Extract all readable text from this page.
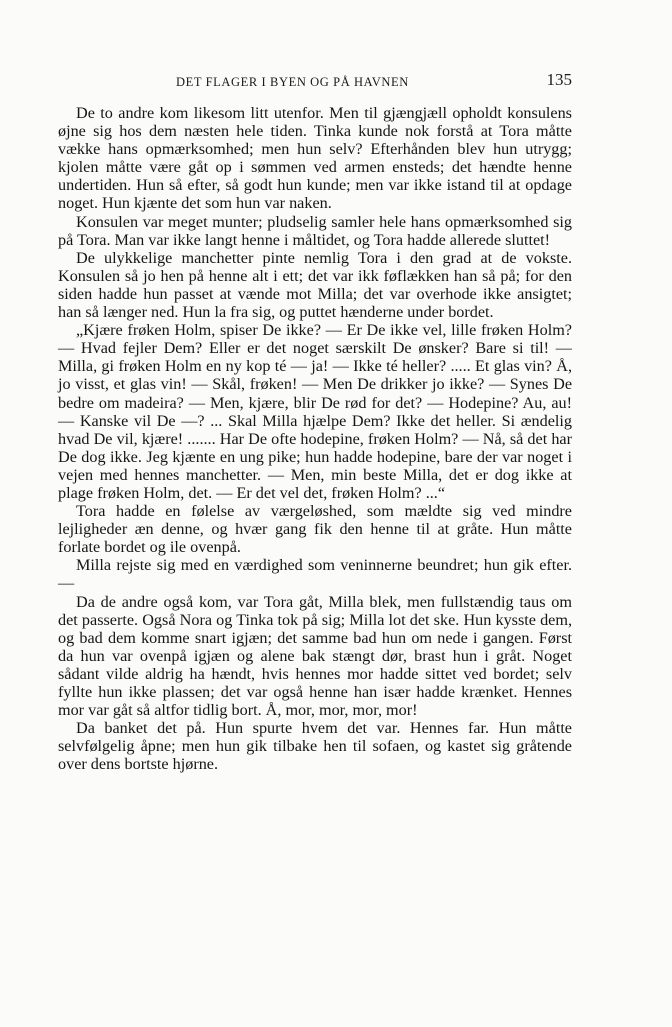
DET FLAGER I BYEN OG PÅ HAVNEN	135

De to andre kom likesom litt utenfor. Men til gjængjæll opholdt konsulens øjne sig hos dem næsten hele tiden. Tinka kunde nok forstå at Tora måtte vække hans opmærksomhed; men hun selv? Efterhånden blev hun utrygg; kjolen måtte være gåt op i sømmen ved armen ensteds; det hændte henne undertiden. Hun så efter, så godt hun kunde; men var ikke istand til at opdage noget. Hun kjænte det som hun var naken.

Konsulen var meget munter; pludselig samler hele hans opmærksomhed sig på Tora. Man var ikke langt henne i måltidet, og Tora hadde allerede sluttet!

De ulykkelige manchetter pinte nemlig Tora i den grad at de vokste. Konsulen så jo hen på henne alt i ett; det var ikk føflækken han så på; for den siden hadde hun passet at vænde mot Milla; det var overhode ikke ansigtet; han så længer ned. Hun la fra sig, og puttet hænderne under bordet.

„Kjære frøken Holm, spiser De ikke? — Er De ikke vel, lille frøken Holm? — Hvad fejler Dem? Eller er det noget særskilt De ønsker? Bare si til! — Milla, gi frøken Holm en ny kop té — ja! — Ikke té heller? ..... Et glas vin? Å, jo visst, et glas vin! — Skål, frøken! — Men De drikker jo ikke? — Synes De bedre om madeira? — Men, kjære, blir De rød for det? — Hodepine? Au, au! — Kanske vil De —? ... Skal Milla hjælpe Dem? Ikke det heller. Si ændelig hvad De vil, kjære! ....... Har De ofte hodepine, frøken Holm? — Nå, så det har De dog ikke. Jeg kjænte en ung pike; hun hadde hodepine, bare der var noget i vejen med hennes manchetter. — Men, min beste Milla, det er dog ikke at plage frøken Holm, det. — Er det vel det, frøken Holm? ...“

Tora hadde en følelse av værgeløshed, som mældte sig ved mindre lejligheder æn denne, og hvær gang fik den henne til at gråte. Hun måtte forlate bordet og ile ovenpå.

Milla rejste sig med en værdighed som veninnerne beundret; hun gik efter. —

Da de andre også kom, var Tora gåt, Milla blek, men fullstændig taus om det passerte. Også Nora og Tinka tok på sig; Milla lot det ske. Hun kysste dem, og bad dem komme snart igjæn; det samme bad hun om nede i gangen. Først da hun var ovenpå igjæn og alene bak stængt dør, brast hun i gråt. Noget sådant vilde aldrig ha hændt, hvis hennes mor hadde sittet ved bordet; selv fyllte hun ikke plassen; det var også henne han især hadde krænket. Hennes mor var gåt så altfor tidlig bort. Å, mor, mor, mor, mor!

Da banket det på. Hun spurte hvem det var. Hennes far. Hun måtte selvfølgelig åpne; men hun gik tilbake hen til sofaen, og kastet sig gråtende over dens bortste hjørne.
